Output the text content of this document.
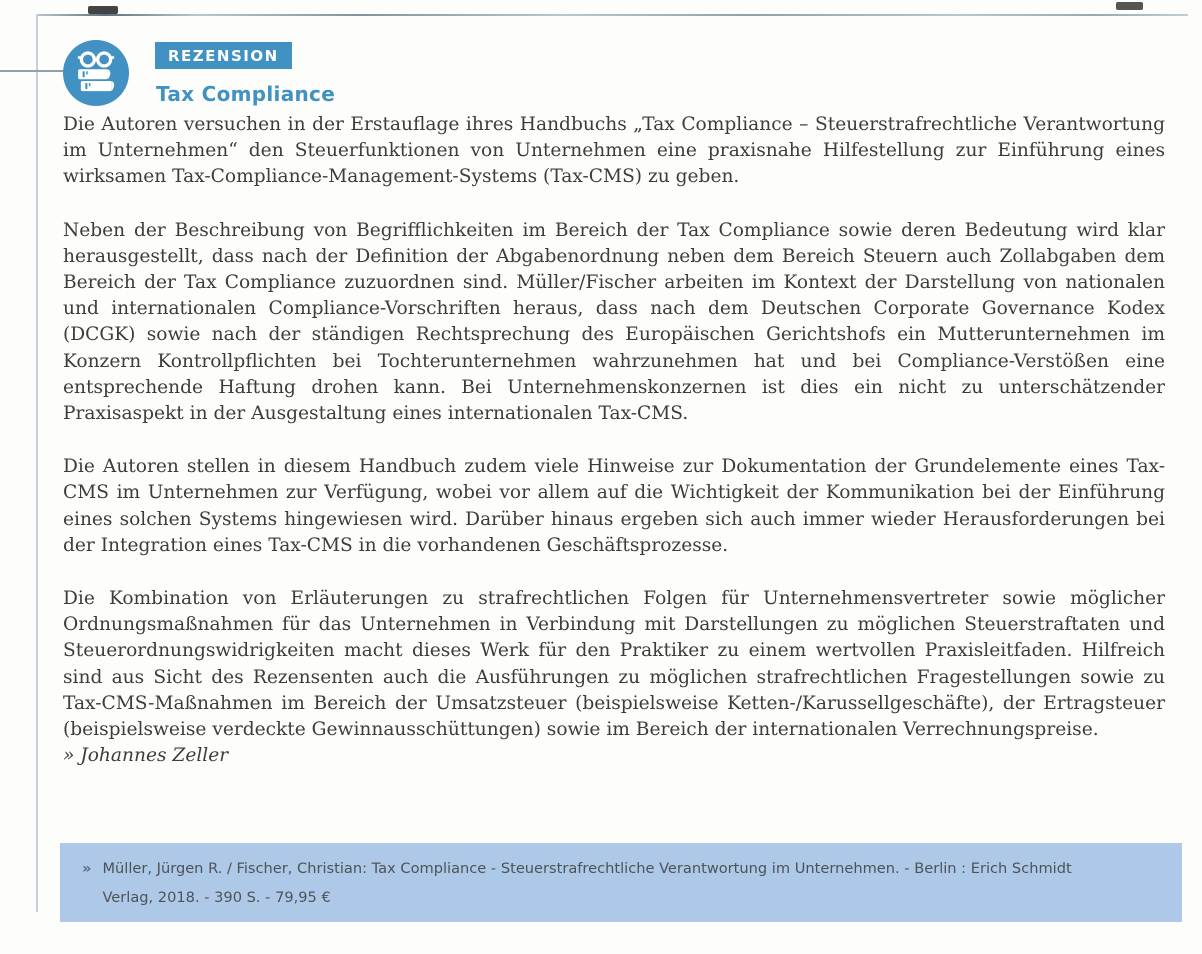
REZENSION
Tax Compliance

Die Autoren versuchen in der Erstauflage ihres Handbuchs „Tax Compliance – Steuerstrafrechtliche Verantwortung im Unternehmen“ den Steuerfunktionen von Unternehmen eine praxisnahe Hilfestellung zur Einführung eines wirksamen Tax-Compliance-Management-Systems (Tax-CMS) zu geben.

Neben der Beschreibung von Begrifflichkeiten im Bereich der Tax Compliance sowie deren Bedeutung wird klar herausgestellt, dass nach der Definition der Abgabenordnung neben dem Bereich Steuern auch Zollabgaben dem Bereich der Tax Compliance zuzuordnen sind. Müller/Fischer arbeiten im Kontext der Darstellung von nationalen und internationalen Compliance-Vorschriften heraus, dass nach dem Deutschen Corporate Governance Kodex (DCGK) sowie nach der ständigen Rechtsprechung des Europäischen Gerichtshofs ein Mutterunternehmen im Konzern Kontrollpflichten bei Tochterunternehmen wahrzunehmen hat und bei Compliance-Verstößen eine entsprechende Haftung drohen kann. Bei Unternehmenskonzernen ist dies ein nicht zu unterschätzender Praxisaspekt in der Ausgestaltung eines internationalen Tax-CMS.

Die Autoren stellen in diesem Handbuch zudem viele Hinweise zur Dokumentation der Grundelemente eines Tax-CMS im Unternehmen zur Verfügung, wobei vor allem auf die Wichtigkeit der Kommunikation bei der Einführung eines solchen Systems hingewiesen wird. Darüber hinaus ergeben sich auch immer wieder Herausforderungen bei der Integration eines Tax-CMS in die vorhandenen Geschäftsprozesse.

Die Kombination von Erläuterungen zu strafrechtlichen Folgen für Unternehmensvertreter sowie möglicher Ordnungsmaßnahmen für das Unternehmen in Verbindung mit Darstellungen zu möglichen Steuerstraftaten und Steuerordnungswidrigkeiten macht dieses Werk für den Praktiker zu einem wertvollen Praxisleitfaden. Hilfreich sind aus Sicht des Rezensenten auch die Ausführungen zu möglichen strafrechtlichen Fragestellungen sowie zu Tax-CMS-Maßnahmen im Bereich der Umsatzsteuer (beispielsweise Ketten-/Karussellgeschäfte), der Ertragsteuer (beispielsweise verdeckte Gewinnausschüttungen) sowie im Bereich der internationalen Verrechnungspreise.

» Johannes Zeller

» Müller, Jürgen R. / Fischer, Christian: Tax Compliance - Steuerstrafrechtliche Verantwortung im Unternehmen. - Berlin : Erich Schmidt Verlag, 2018. - 390 S. - 79,95 €
